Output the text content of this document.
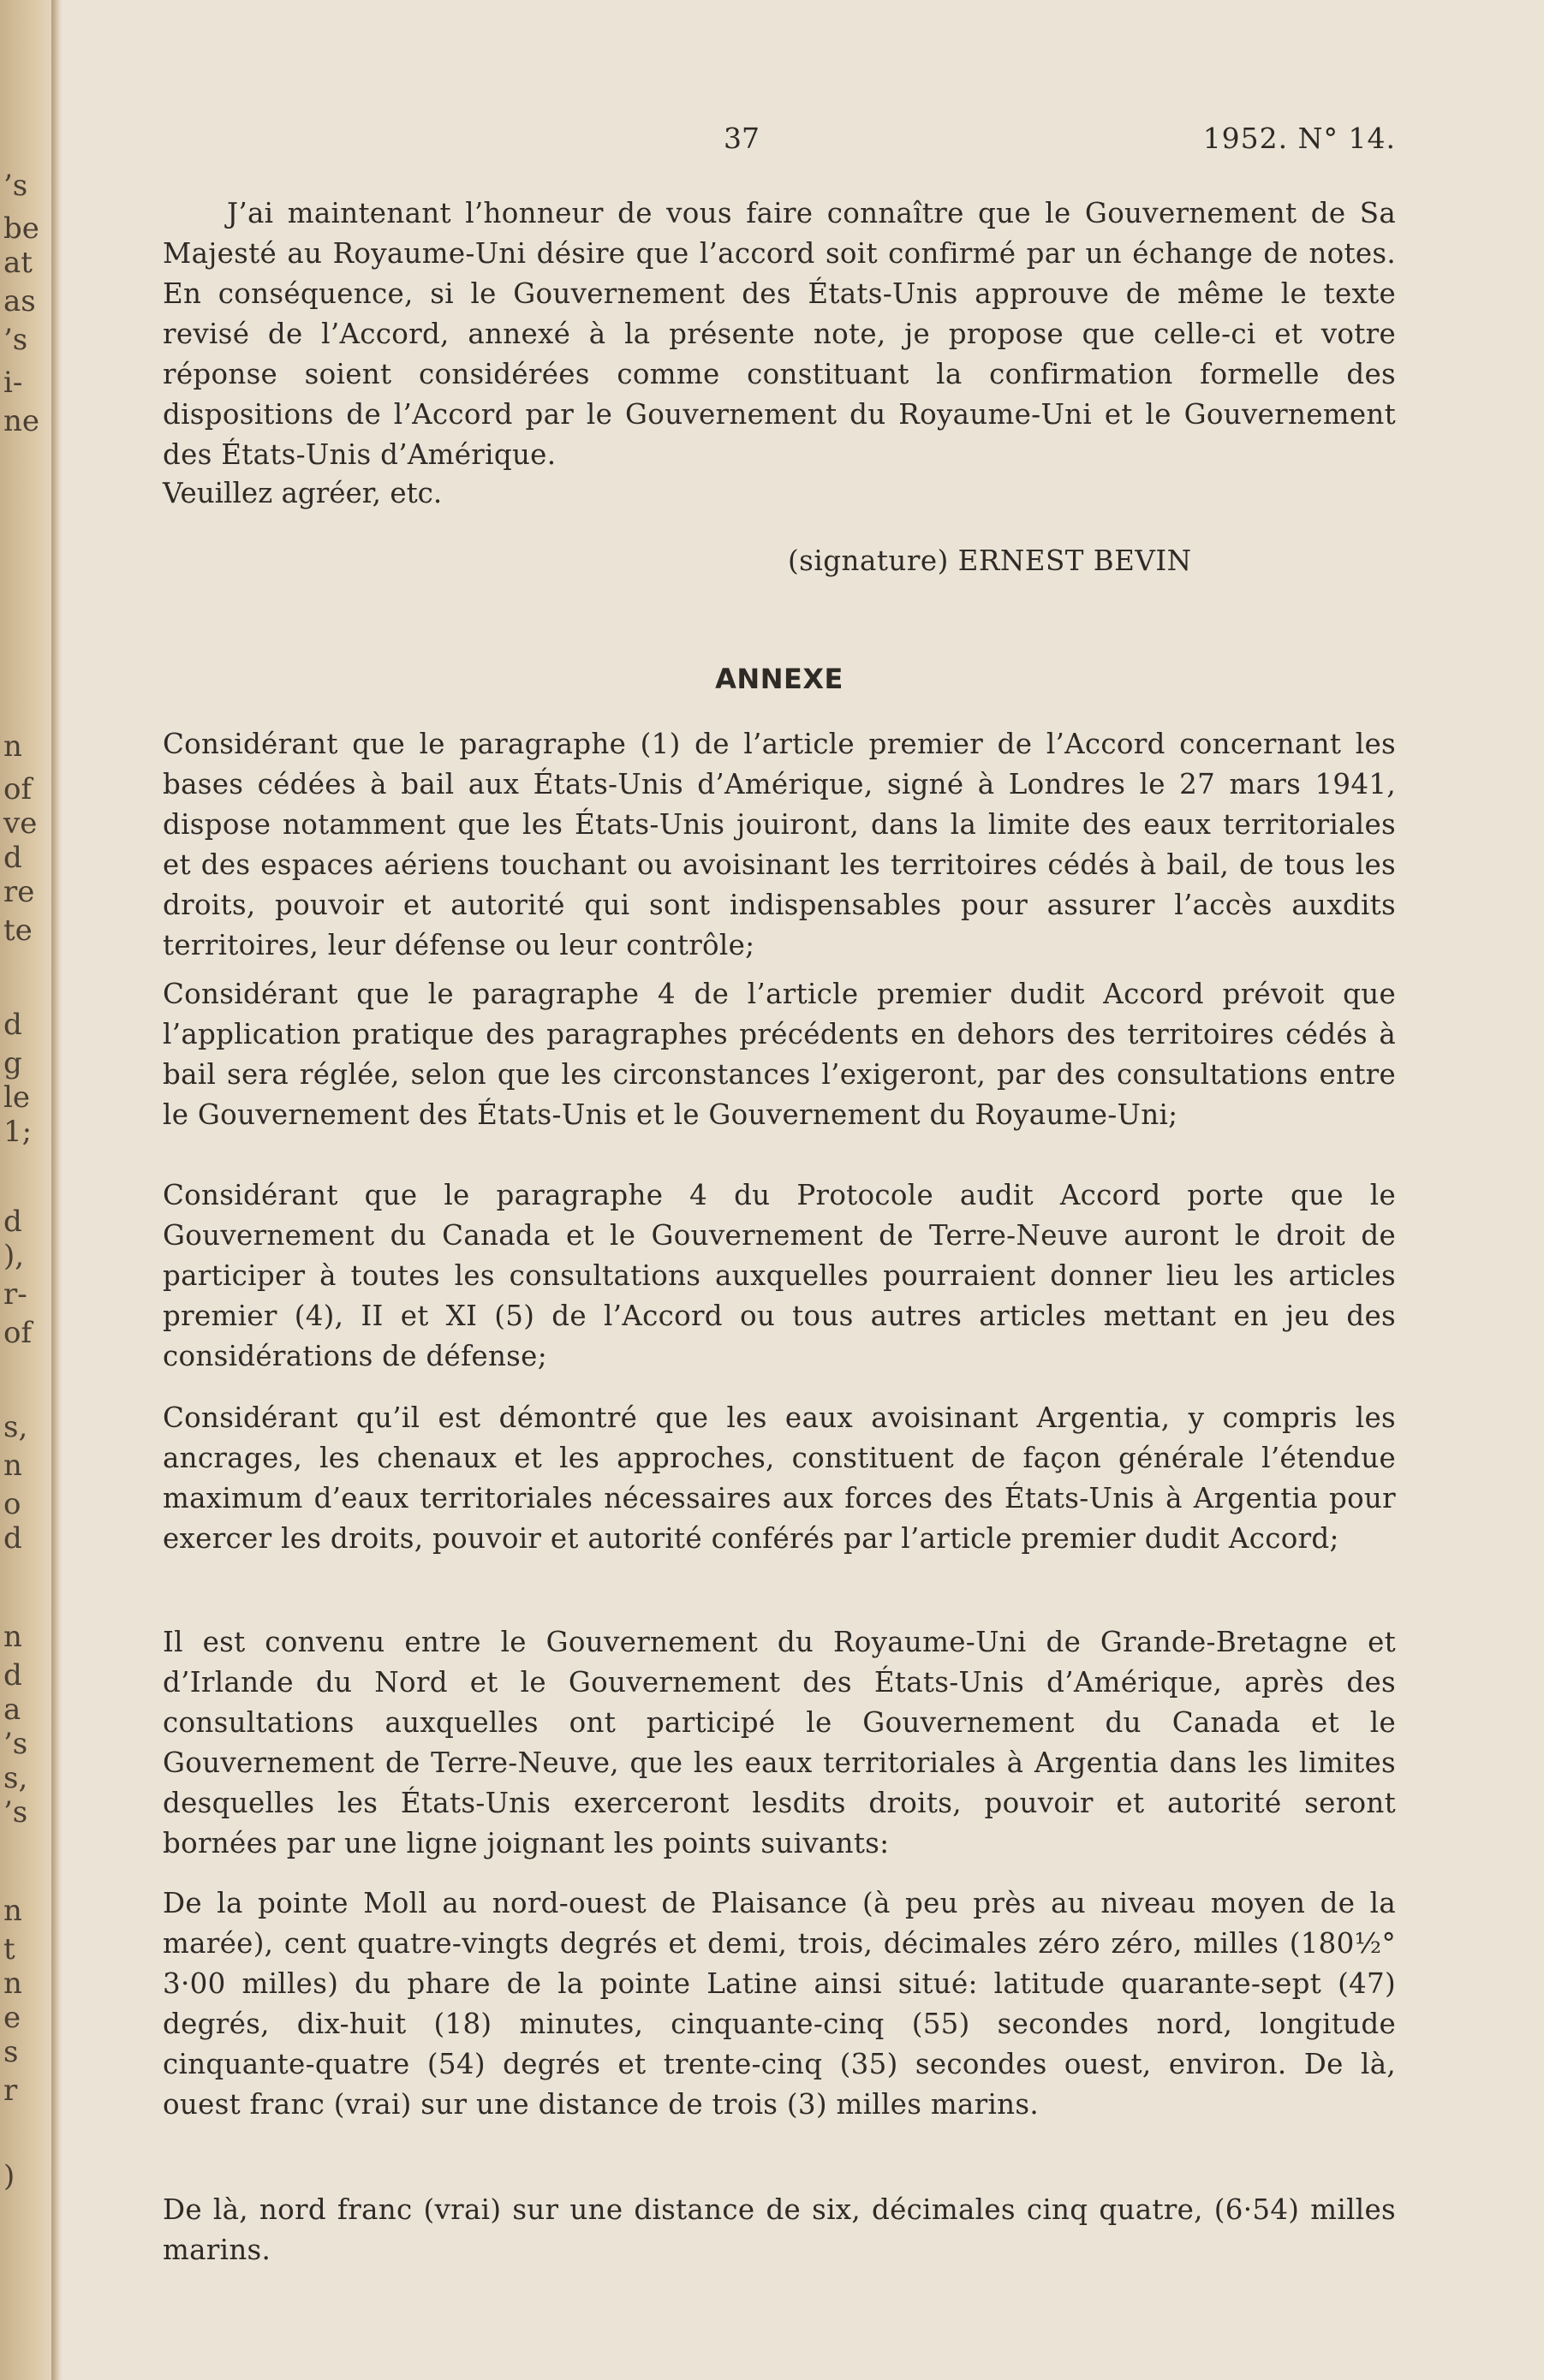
’s
be
at
as
’s
i-
ne
n
of
ve
d
re
te
d
g
le
1;
d
),
r-
of
s,
n
o
d
n
d
a
’s
s,
’s
n
t
n
e
s
r
)
37	1952. N° 14.

J’ai maintenant l’honneur de vous faire connaître que le Gouvernement de Sa Majesté au Royaume-Uni désire que l’accord soit confirmé par un échange de notes. En conséquence, si le Gouvernement des États-Unis approuve de même le texte revisé de l’Accord, annexé à la présente note, je propose que celle-ci et votre réponse soient considérées comme constituant la confirmation formelle des dispositions de l’Accord par le Gouvernement du Royaume-Uni et le Gouvernement des États-Unis d’Amérique.

Veuillez agréer, etc.
(signature) ERNEST BEVIN
ANNEXE

Considérant que le paragraphe (1) de l’article premier de l’Accord concernant les bases cédées à bail aux États-Unis d’Amérique, signé à Londres le 27 mars 1941, dispose notamment que les États-Unis jouiront, dans la limite des eaux territoriales et des espaces aériens touchant ou avoisinant les territoires cédés à bail, de tous les droits, pouvoir et autorité qui sont indispensables pour assurer l’accès auxdits territoires, leur défense ou leur contrôle;

Considérant que le paragraphe 4 de l’article premier dudit Accord prévoit que l’application pratique des paragraphes précédents en dehors des territoires cédés à bail sera réglée, selon que les circonstances l’exigeront, par des consultations entre le Gouvernement des États-Unis et le Gouvernement du Royaume-Uni;

Considérant que le paragraphe 4 du Protocole audit Accord porte que le Gouvernement du Canada et le Gouvernement de Terre-Neuve auront le droit de participer à toutes les consultations auxquelles pourraient donner lieu les articles premier (4), II et XI (5) de l’Accord ou tous autres articles mettant en jeu des considérations de défense;

Considérant qu’il est démontré que les eaux avoisinant Argentia, y compris les ancrages, les chenaux et les approches, constituent de façon générale l’étendue maximum d’eaux territoriales nécessaires aux forces des États-Unis à Argentia pour exercer les droits, pouvoir et autorité conférés par l’article premier dudit Accord;

Il est convenu entre le Gouvernement du Royaume-Uni de Grande-Bretagne et d’Irlande du Nord et le Gouvernement des États-Unis d’Amérique, après des consultations auxquelles ont participé le Gouvernement du Canada et le Gouvernement de Terre-Neuve, que les eaux territoriales à Argentia dans les limites desquelles les États-Unis exerceront lesdits droits, pouvoir et autorité seront bornées par une ligne joignant les points suivants:

De la pointe Moll au nord-ouest de Plaisance (à peu près au niveau moyen de la marée), cent quatre-vingts degrés et demi, trois, décimales zéro zéro, milles (180½° 3·00 milles) du phare de la pointe Latine ainsi situé: latitude quarante-sept (47) degrés, dix-huit (18) minutes, cinquante-cinq (55) secondes nord, longitude cinquante-quatre (54) degrés et trente-cinq (35) secondes ouest, environ. De là, ouest franc (vrai) sur une distance de trois (3) milles marins.

De là, nord franc (vrai) sur une distance de six, décimales cinq quatre, (6·54) milles marins.
